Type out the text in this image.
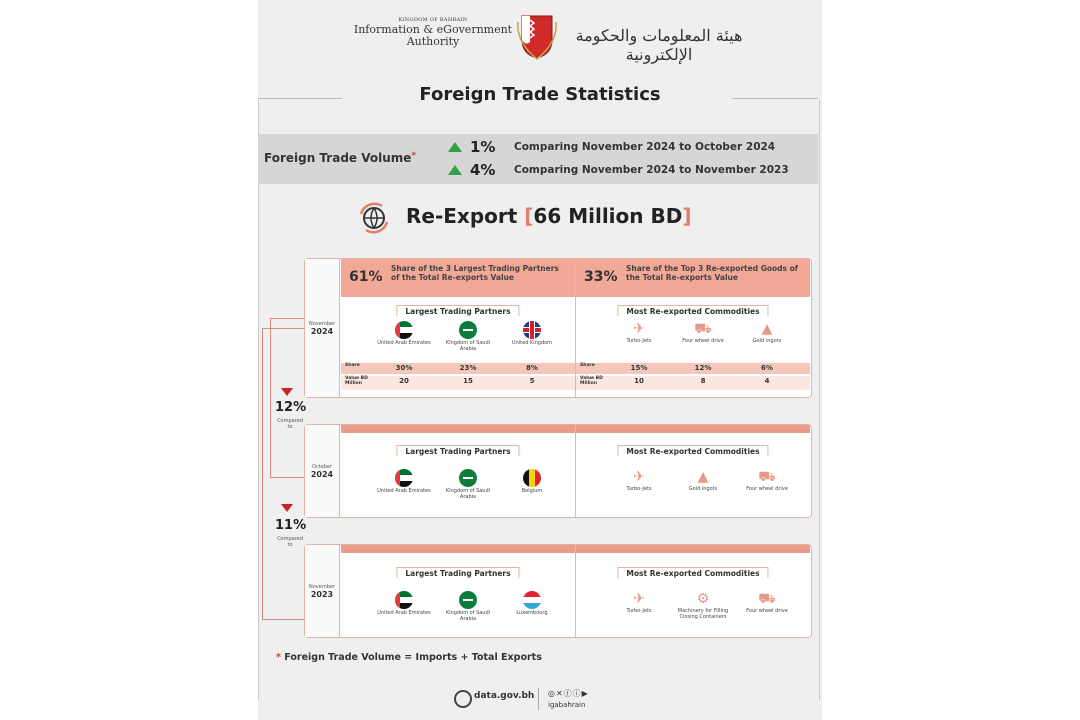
KINGDOM OF BAHRAIN
Information & eGovernment
Authority	هيئة المعلومات والحكومة الإلكترونية
Foreign Trade Statistics
Foreign Trade Volume*	1%	Comparing November 2024 to October 2024
4%	Comparing November 2024 to November 2023
Re-Export [66 Million BD]
12%
Compared to
11%
Compared to
November
2024
61%
Share of the 3 Largest Trading Partners of the Total Re-exports Value
Largest Trading Partners
United Arab Emirates	Kingdom of Saudi Arabia
United Kingdom
Share	30%	23%	8%
Value BD Million	20	15	5
33%
Share of the Top 3 Re-exported Goods of the Total Re-exports Value
Most Re-exported Commodities
✈
Turbo-Jets
⛟
Four wheel drive
▲
Gold ingots
Share	15%	12%	6%
Value BD Million	10	8	4
October
2024
Largest Trading Partners
United Arab Emirates	Kingdom of Saudi Arabia
Belgium
Most Re-exported Commodities
✈
Turbo-Jets
▲
Gold ingots
⛟
Four wheel drive
November
2023
Largest Trading Partners
United Arab Emirates	Kingdom of Saudi Arabia
Luxembourg
Most Re-exported Commodities
✈
Turbo-Jets
⚙
Machinery for Filling Closing Containers
⛟
Four wheel drive
* Foreign Trade Volume = Imports + Total Exports
data.gov.bh ◎✕ⓕⓘ▶
igabahrain
